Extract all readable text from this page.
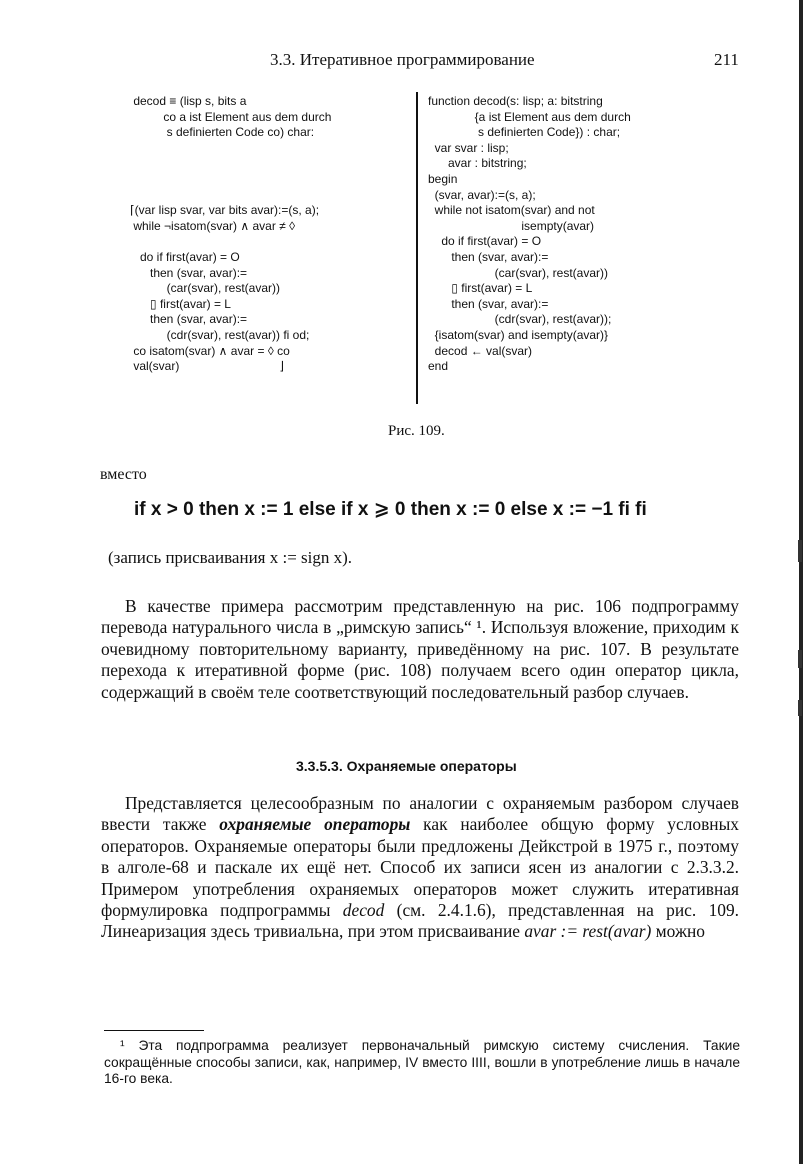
3.3. Итеративное программирование	211
decod ≡ (lisp s, bits a
co a ist Element aus dem durch
s definierten Code co) char:
⌈(var lisp svar, var bits avar):=(s, a);
while ¬isatom(svar) ∧ avar ≠ ◊
do if first(avar) = O
then (svar, avar):=
(car(svar), rest(avar))
▯ first(avar) = L
then (svar, avar):=
(cdr(svar), rest(avar)) fi od;
co isatom(svar) ∧ avar = ◊ co
val(svar)                              ⌋
function decod(s: lisp; a: bitstring
{a ist Element aus dem durch
s definierten Code}) : char;
var svar : lisp;
avar : bitstring;
begin
(svar, avar):=(s, a);
while not isatom(svar) and not
isempty(avar)
do if first(avar) = O
then (svar, avar):=
(car(svar), rest(avar))
▯ first(avar) = L
then (svar, avar):=
(cdr(svar), rest(avar));
{isatom(svar) and isempty(avar)}
decod ← val(svar)
end
Рис. 109.
вместо
if x > 0 then x := 1 else if x ⩾ 0 then x := 0 else x := −1 fi fi
(запись присваивания x := sign x).
В качестве примера рассмотрим представленную на рис. 106 подпрограмму перевода натурального числа в „римскую запись“ ¹. Используя вложение, приходим к очевидному повторительному варианту, приведённому на рис. 107. В результате перехода к итеративной форме (рис. 108) получаем всего один оператор цикла, содержащий в своём теле соответствующий последовательный разбор случаев.
3.3.5.3. Охраняемые операторы
Представляется целесообразным по аналогии с охраняемым разбором случаев ввести также охраняемые операторы как наиболее общую форму условных операторов. Охраняемые операторы были предложены Дейкстрой в 1975 г., поэтому в алголе-68 и паскале их ещё нет. Способ их записи ясен из аналогии с 2.3.3.2. Примером употребления охраняемых операторов может служить итеративная формулировка подпрограммы decod (см. 2.4.1.6), представленная на рис. 109. Линеаризация здесь тривиальна, при этом присваивание avar := rest(avar) можно
¹ Эта подпрограмма реализует первоначальный римскую систему счисления. Такие сокращённые способы записи, как, например, IV вместо IIII, вошли в употребление лишь в начале 16-го века.
